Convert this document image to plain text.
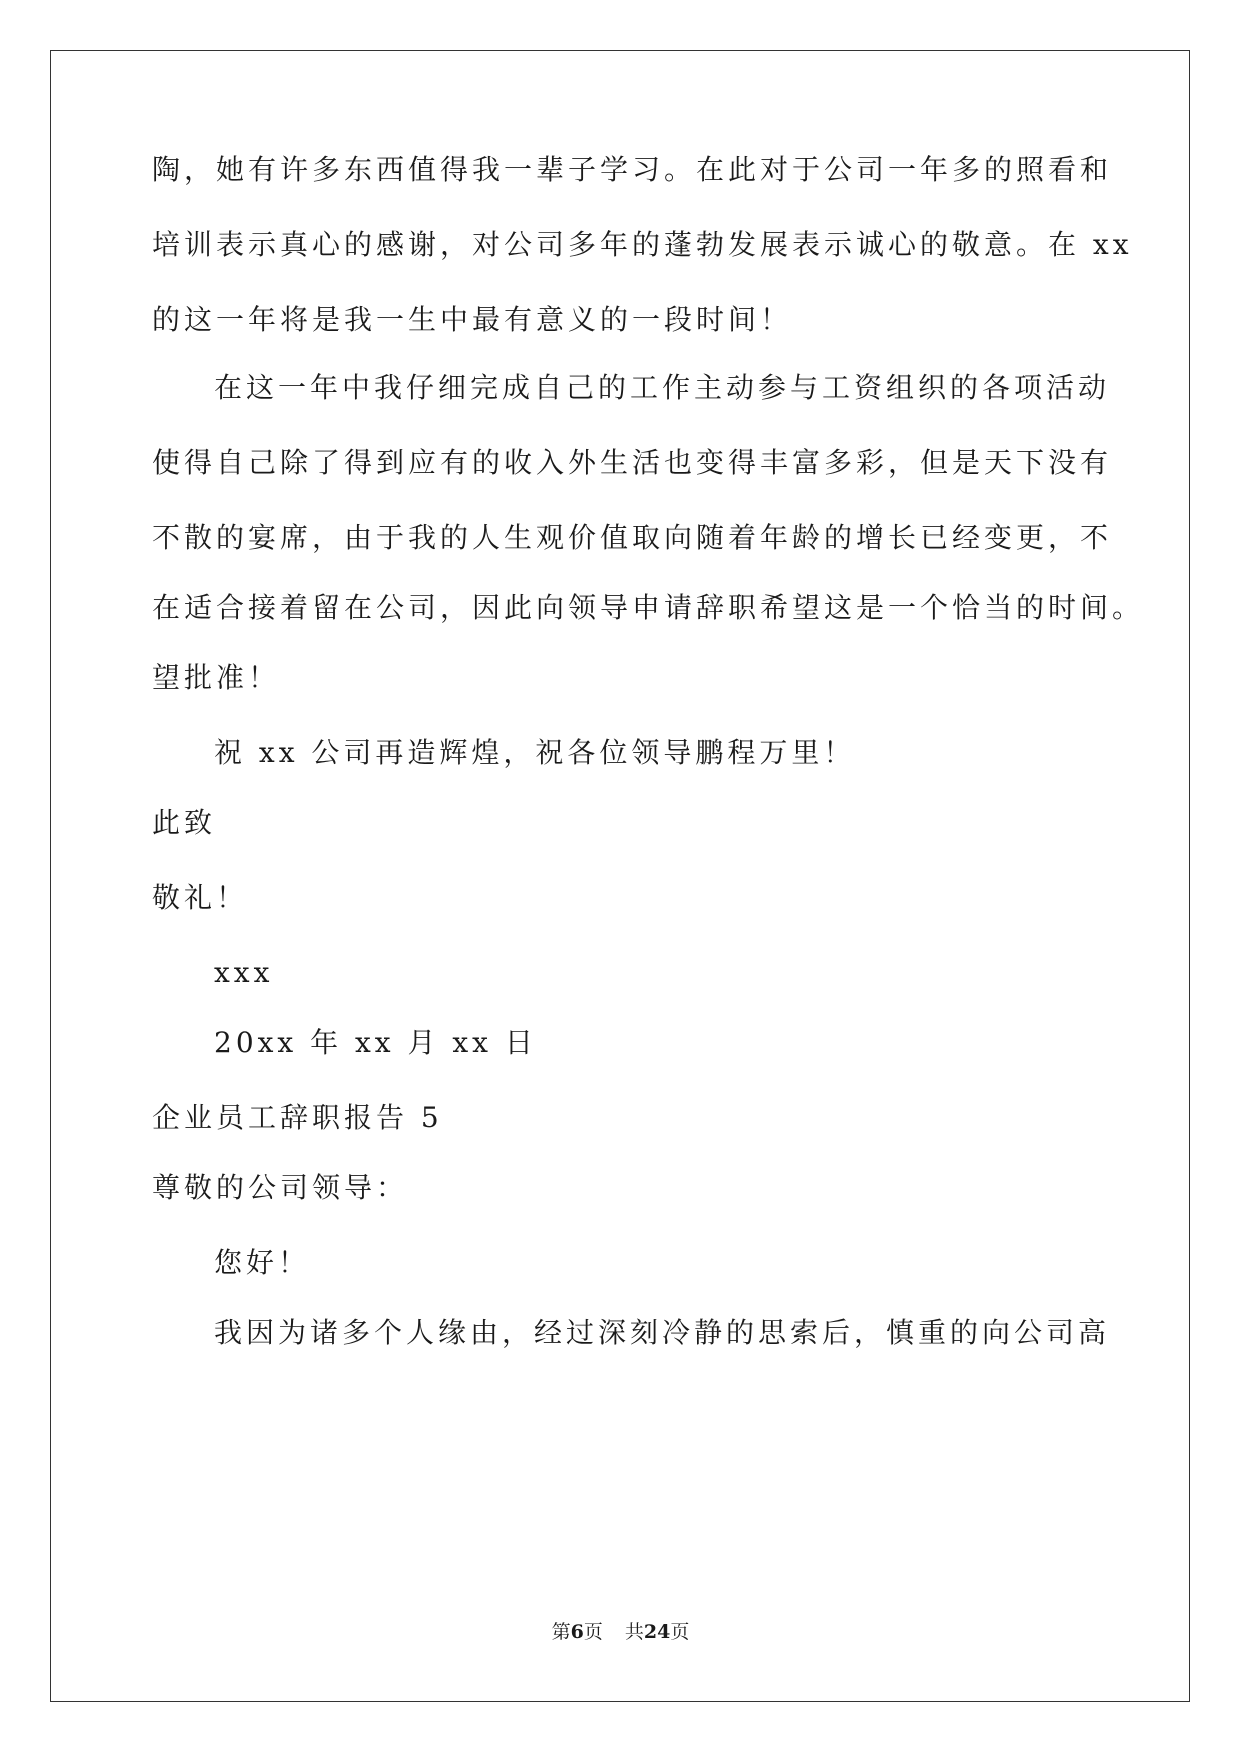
陶，她有许多东西值得我一辈子学习。在此对于公司一年多的照看和
培训表示真心的感谢，对公司多年的蓬勃发展表示诚心的敬意。在 xx
的这一年将是我一生中最有意义的一段时间！
在这一年中我仔细完成自己的工作主动参与工资组织的各项活动
使得自己除了得到应有的收入外生活也变得丰富多彩，但是天下没有
不散的宴席，由于我的人生观价值取向随着年龄的增长已经变更，不
在适合接着留在公司，因此向领导申请辞职希望这是一个恰当的时间。
望批准！
祝 xx 公司再造辉煌，祝各位领导鹏程万里！
此致
敬礼！
xxx
20xx 年 xx 月 xx 日
企业员工辞职报告 5
尊敬的公司领导：
您好！
我因为诸多个人缘由，经过深刻冷静的思索后，慎重的向公司高
第6页 共24页
